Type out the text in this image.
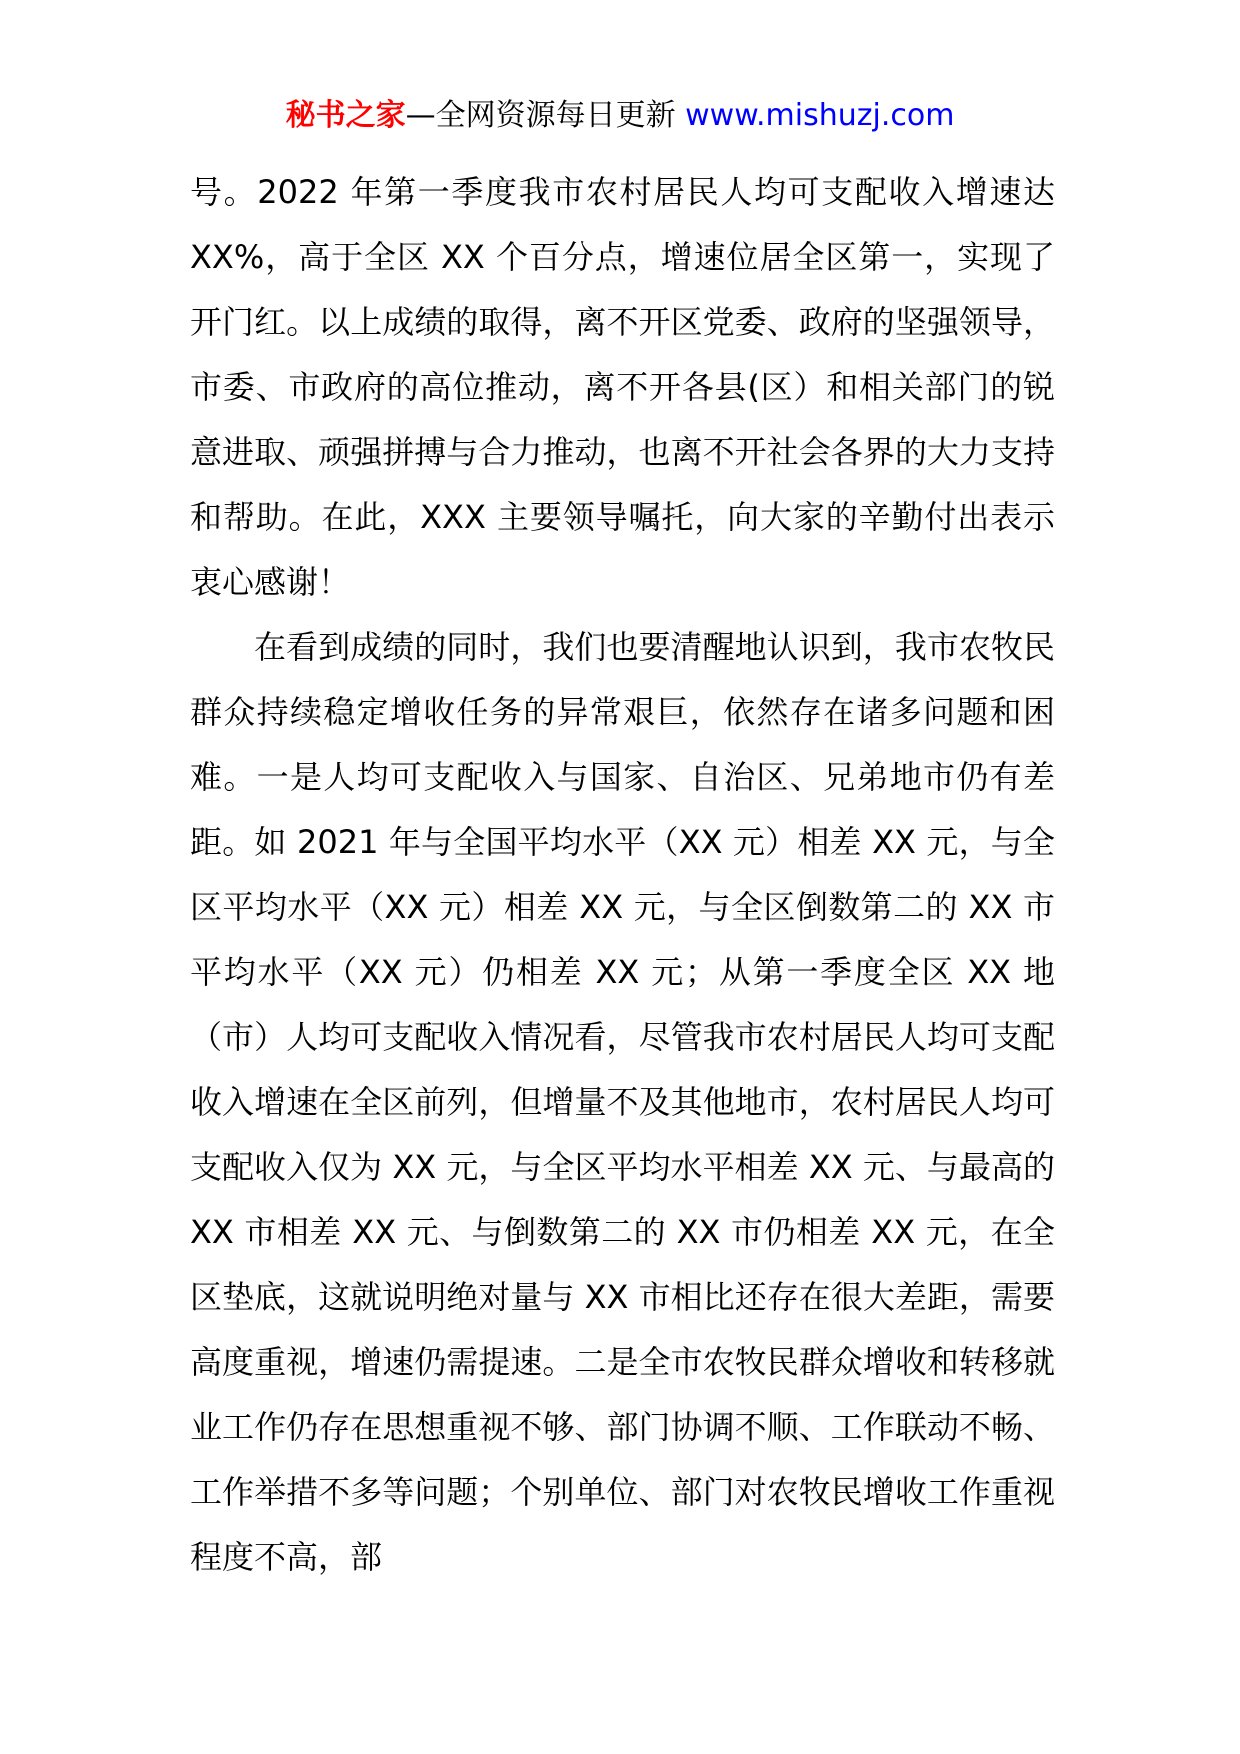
秘书之家—全网资源每日更新 www.mishuzj.com

号。2022 年第一季度我市农村居民人均可支配收入增速达 XX%，高于全区 XX 个百分点，增速位居全区第一，实现了开门红。以上成绩的取得，离不开区党委、政府的坚强领导，市委、市政府的高位推动，离不开各县(区）和相关部门的锐意进取、顽强拼搏与合力推动，也离不开社会各界的大力支持和帮助。在此，XXX 主要领导嘱托，向大家的辛勤付出表示衷心感谢！

在看到成绩的同时，我们也要清醒地认识到，我市农牧民群众持续稳定增收任务的异常艰巨，依然存在诸多问题和困难。一是人均可支配收入与国家、自治区、兄弟地市仍有差距。如 2021 年与全国平均水平（XX 元）相差 XX 元，与全区平均水平（XX 元）相差 XX 元，与全区倒数第二的 XX 市平均水平（XX 元）仍相差 XX 元；从第一季度全区 XX 地（市）人均可支配收入情况看，尽管我市农村居民人均可支配收入增速在全区前列，但增量不及其他地市，农村居民人均可支配收入仅为 XX 元，与全区平均水平相差 XX 元、与最高的 XX 市相差 XX 元、与倒数第二的 XX 市仍相差 XX 元，在全区垫底，这就说明绝对量与 XX 市相比还存在很大差距，需要高度重视，增速仍需提速。二是全市农牧民群众增收和转移就业工作仍存在思想重视不够、部门协调不顺、工作联动不畅、工作举措不多等问题；个别单位、部门对农牧民增收工作重视程度不高，部
